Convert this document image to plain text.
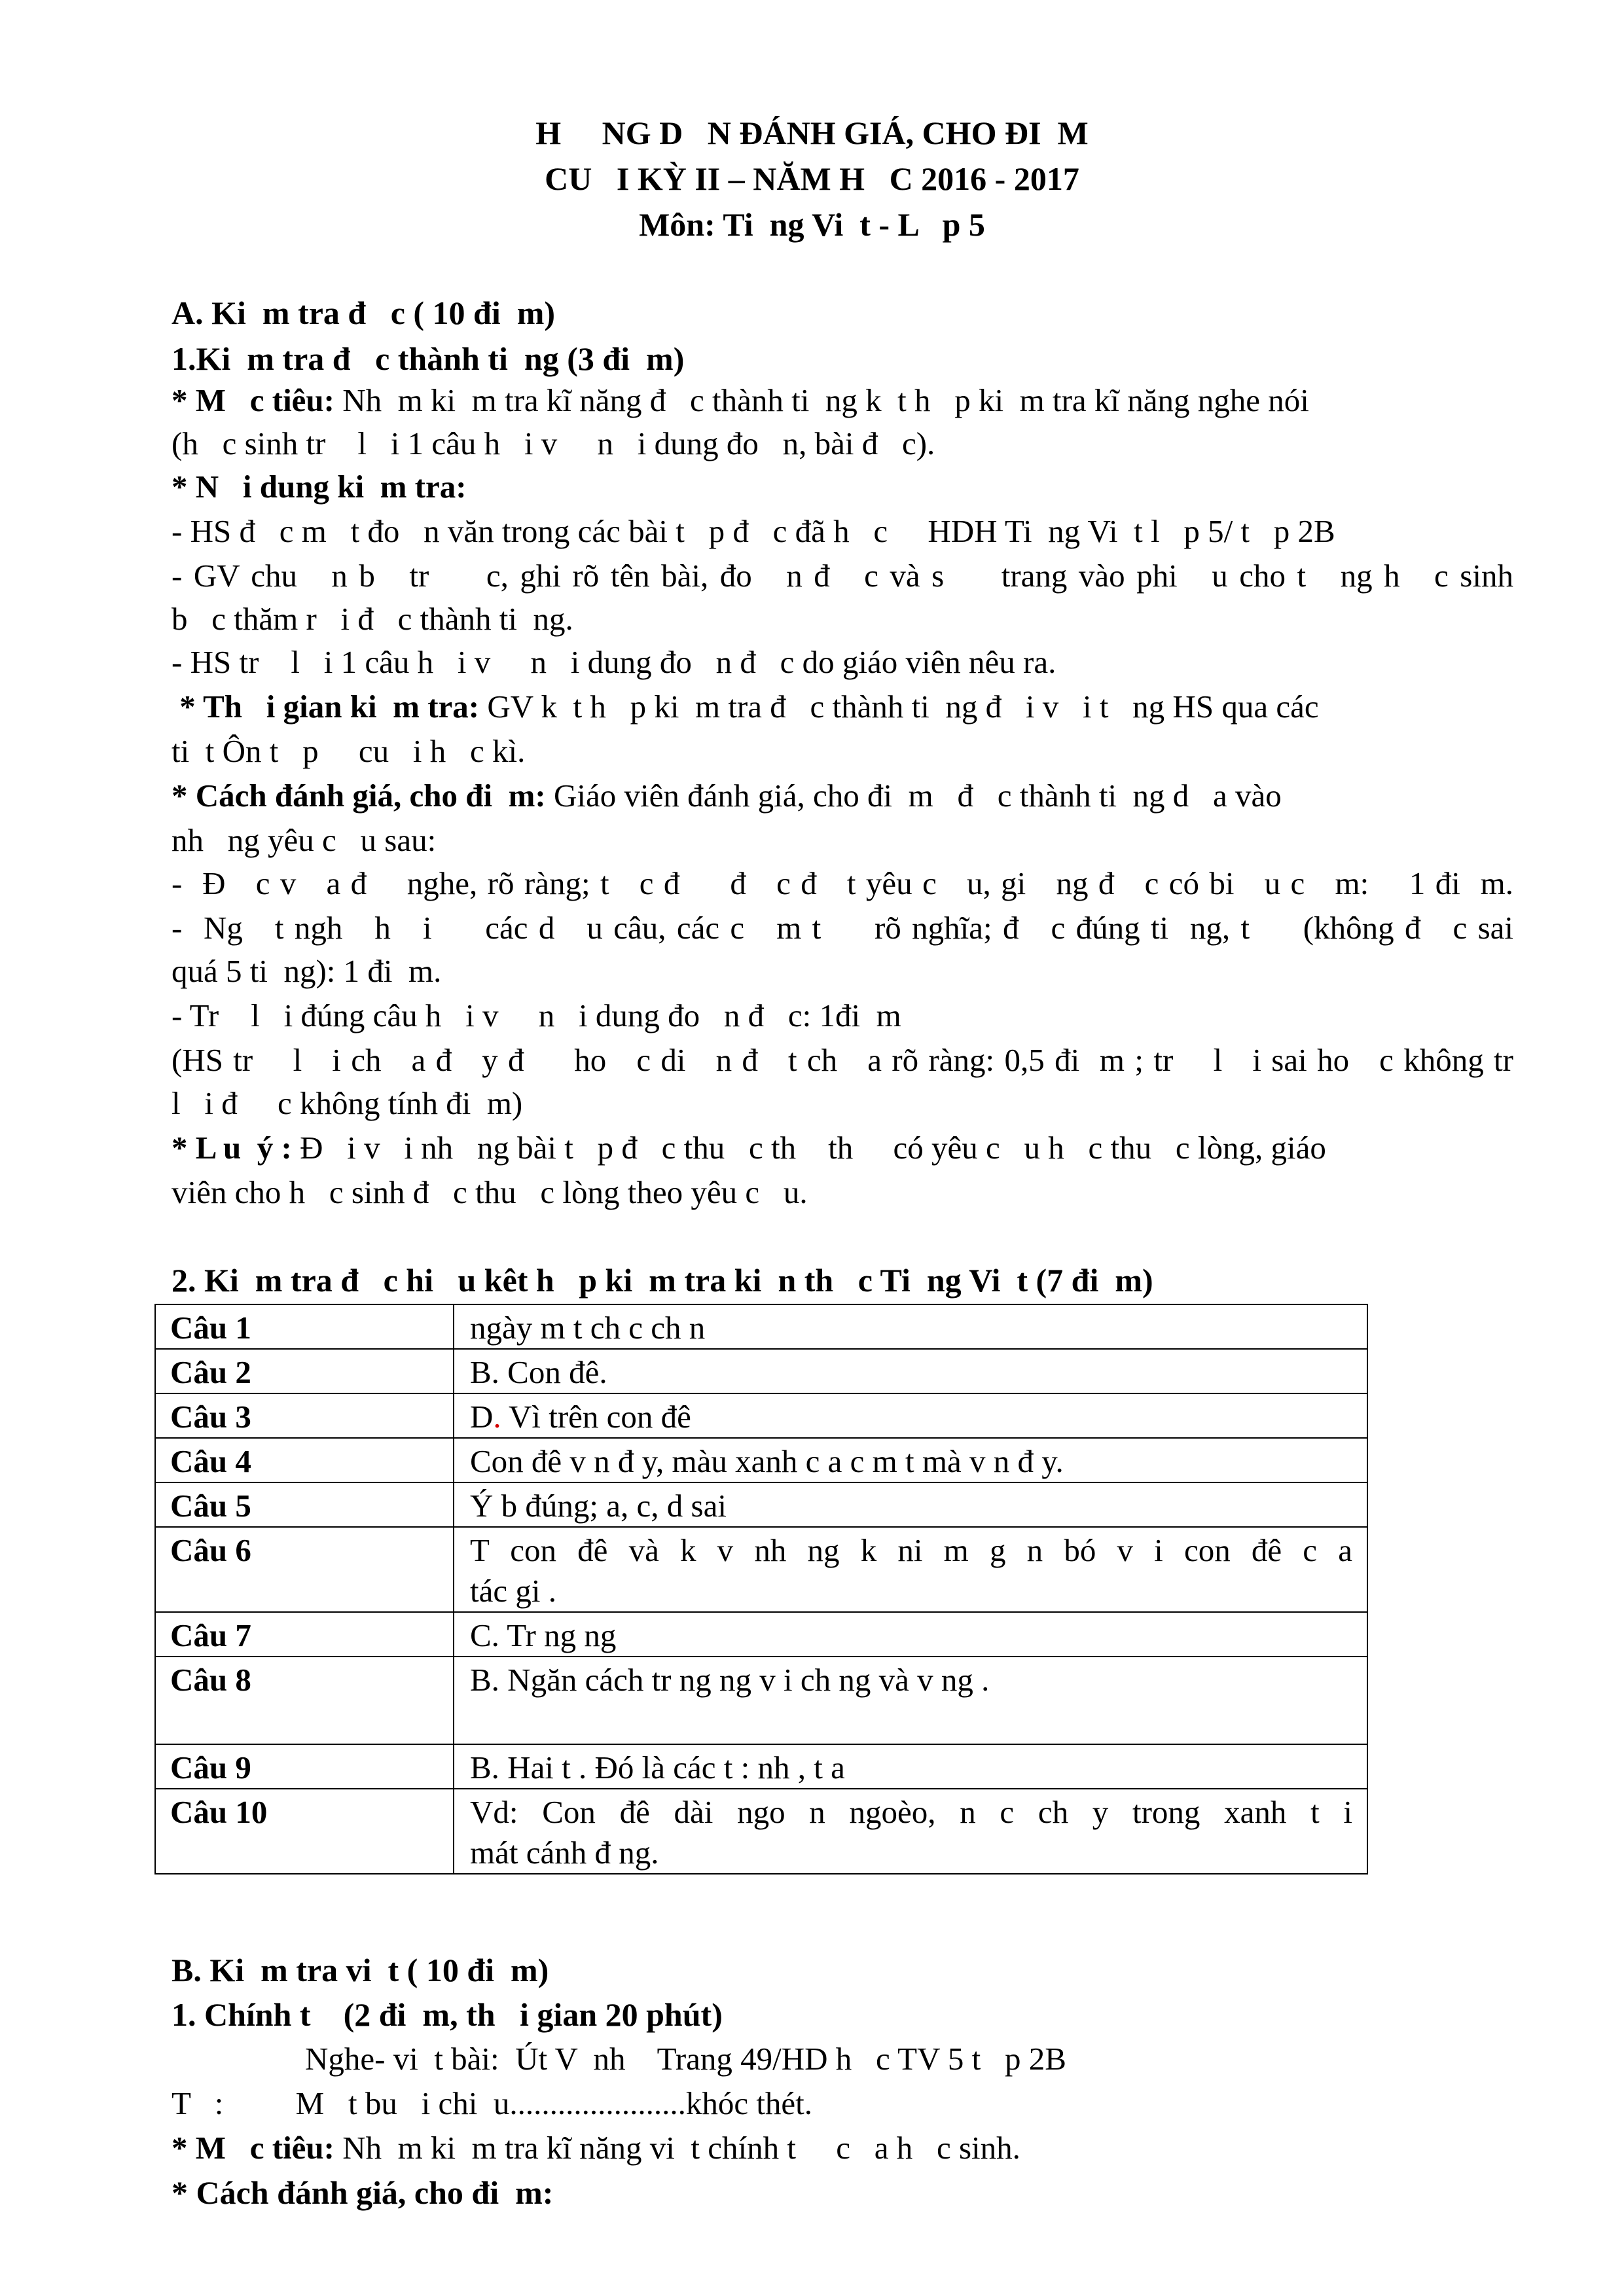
H     NG D   N ĐÁNH GIÁ, CHO ĐI  M
CU   I KỲ II – NĂM H   C 2016 - 2017
Môn: Ti  ng Vi  t - L   p 5
A. Ki  m tra đ   c ( 10 đi  m)
1.Ki  m tra đ   c thành ti  ng (3 đi  m)
* M   c tiêu: Nh  m ki  m tra kĩ năng đ   c thành ti  ng k  t h   p ki  m tra kĩ năng nghe nói
(h   c sinh tr    l   i 1 câu h   i v     n   i dung đo   n, bài đ   c).
* N   i dung ki  m tra:
- HS đ   c m   t đo   n văn trong các bài t   p đ   c đã h   c     HDH Ti  ng Vi  t l   p 5/ t   p 2B
- GV chu   n b   tr     c, ghi rõ tên bài, đo   n đ   c và s     trang vào phi   u cho t   ng h   c sinh
b   c thăm r   i đ   c thành ti  ng.
- HS tr    l   i 1 câu h   i v     n   i dung đo   n đ   c do giáo viên nêu ra.
* Th   i gian ki  m tra: GV k  t h   p ki  m tra đ   c thành ti  ng đ   i v   i t   ng HS qua các
ti  t Ôn t   p     cu   i h   c kì.
* Cách đánh giá, cho đi  m: Giáo viên đánh giá, cho đi  m   đ   c thành ti  ng d   a vào
nh   ng yêu c   u sau:
-  Đ   c v   a đ    nghe, rõ ràng; t   c đ     đ   c đ   t yêu c   u, gi   ng đ   c có bi   u c   m:    1 đi  m.
-  Ng   t ngh   h   i     các d   u câu, các c   m t     rõ nghĩa; đ   c đúng ti  ng, t     (không đ   c sai
quá 5 ti  ng): 1 đi  m.
- Tr    l   i đúng câu h   i v     n   i dung đo   n đ   c: 1đi  m
(HS tr    l   i ch   a đ   y đ     ho   c di   n đ   t ch   a rõ ràng: 0,5 đi  m ; tr    l   i sai ho   c không tr
l   i đ     c không tính đi  m)
* L u  ý : Đ   i v   i nh   ng bài t   p đ   c thu   c th    th     có yêu c   u h   c thu   c lòng, giáo
viên cho h   c sinh đ   c thu   c lòng theo yêu c   u.
2. Ki  m tra đ   c hi   u kêt h   p ki  m tra ki  n th   c Ti  ng Vi  t (7 đi  m)
Câu 1	ngày m t ch c ch n
Câu 2	B. Con đê.
Câu 3	D. Vì trên con đê
Câu 4	Con đê v n đ y, màu xanh c a c m t mà v n đ y.
Câu 5	Ý b đúng; a, c, d sai
Câu 6	T con đê và k v nh ng k ni m g n bó v i con đê c a
tác gi .

Câu 7	C. Tr ng ng
Câu 8	B. Ngăn cách tr ng ng v i ch ng và v ng .
Câu 9	B. Hai t . Đó là các t : nh , t a
Câu 10	Vd: Con đê dài ngo n ngoèo, n c ch y trong xanh t i
mát cánh đ ng.
B. Ki  m tra vi  t ( 10 đi  m)
1. Chính t    (2 đi  m, th   i gian 20 phút)
Nghe- vi  t bài:  Út V  nh    Trang 49/HD h   c TV 5 t   p 2B
T   :         M   t bu   i chi  u......................khóc thét.
* M   c tiêu: Nh  m ki  m tra kĩ năng vi  t chính t     c   a h   c sinh.
* Cách đánh giá, cho đi  m:
